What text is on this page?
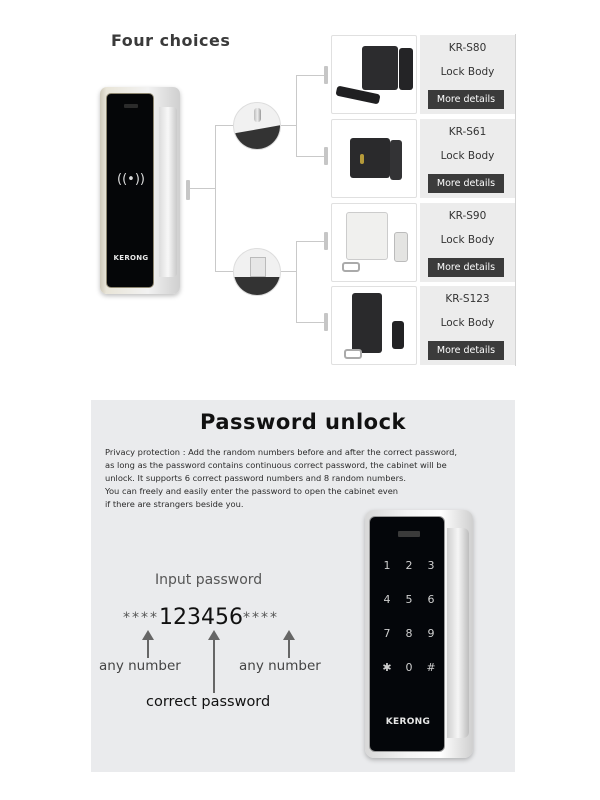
Four choices
((•))
KERONG
KR-S80
Lock Body
More details
KR-S61
Lock Body
More details
KR-S90
Lock Body
More details
KR-S123
Lock Body
More details
Password unlock

Privacy protection : Add the random numbers before and after the correct password,

as long as the password contains continuous correct password, the cabinet will be

unlock. It supports 6 correct password numbers and 8 random numbers.

You can freely and easily enter the password to open the cabinet even

if there are strangers beside you.

Input password
****123456****
any number	any number
correct password
1	2	3
4	5	6
7	8	9
✱	0	#
KERONG
